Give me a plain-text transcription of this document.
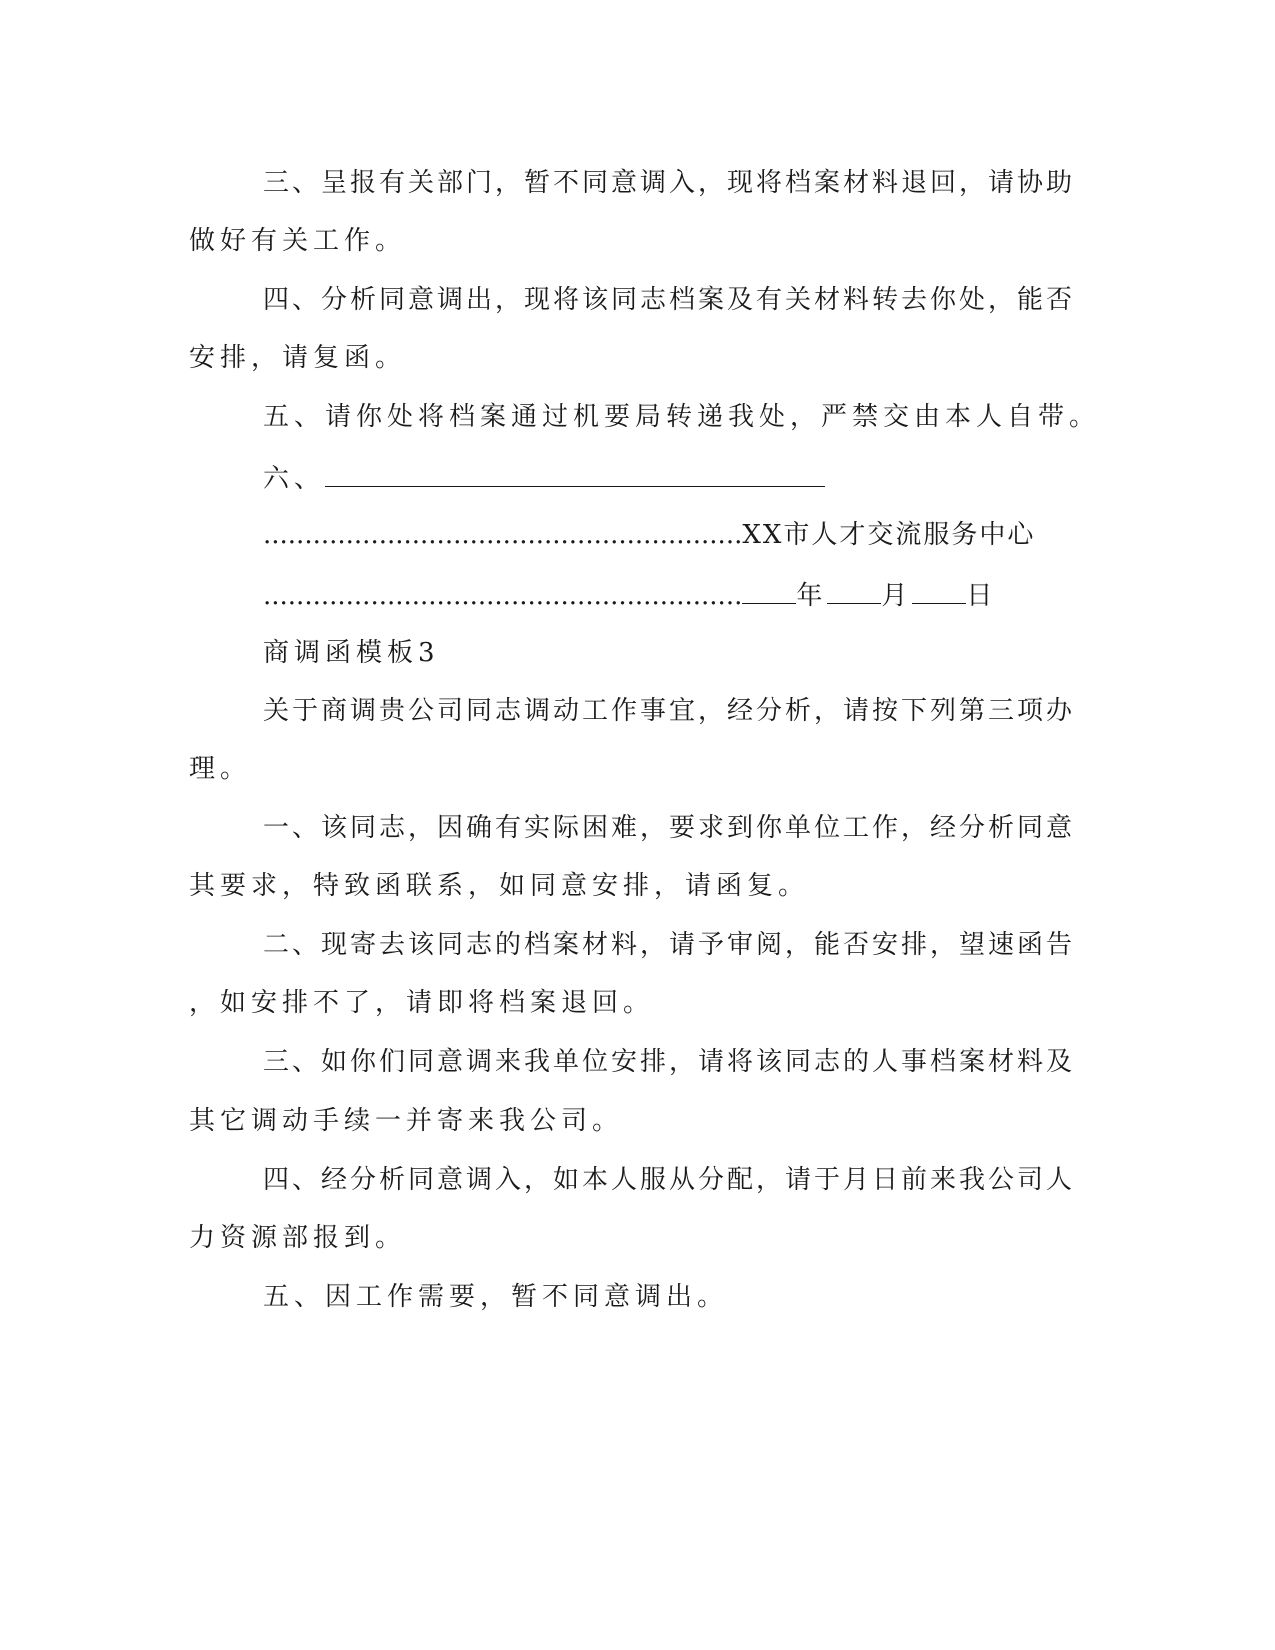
三、呈报有关部门，暂不同意调入，现将档案材料退回，请协助
做好有关工作。
四、分析同意调出，现将该同志档案及有关材料转去你处，能否
安排，请复函。
五、请你处将档案通过机要局转递我处，严禁交由本人自带。
六、
..........................................................XX市人才交流服务中心
.......................................................... 年 月 日
商调函模板3
关于商调贵公司同志调动工作事宜，经分析，请按下列第三项办
理。
一、该同志，因确有实际困难，要求到你单位工作，经分析同意
其要求，特致函联系，如同意安排，请函复。
二、现寄去该同志的档案材料，请予审阅，能否安排，望速函告
，如安排不了，请即将档案退回。
三、如你们同意调来我单位安排，请将该同志的人事档案材料及
其它调动手续一并寄来我公司。
四、经分析同意调入，如本人服从分配，请于月日前来我公司人
力资源部报到。
五、因工作需要，暂不同意调出。
